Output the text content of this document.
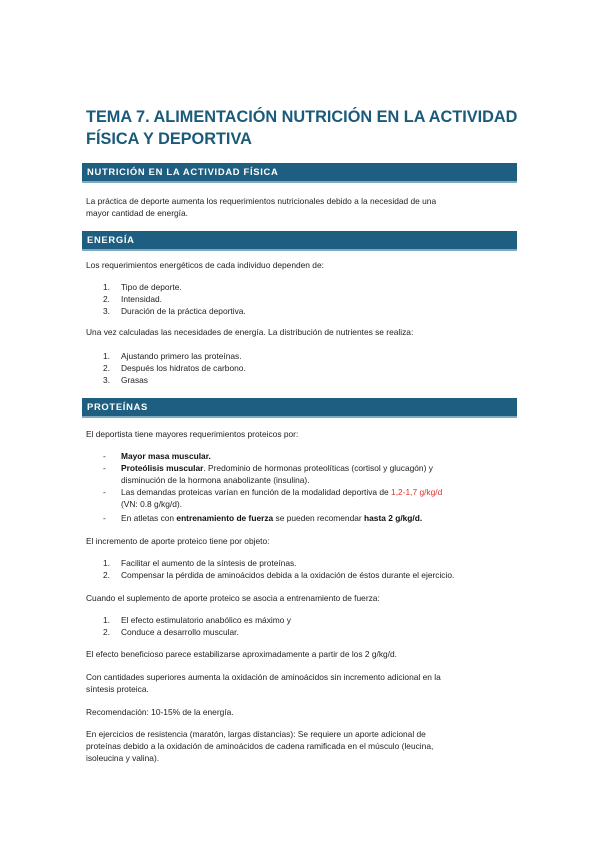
TEMA 7. ALIMENTACIÓN NUTRICIÓN EN LA ACTIVIDAD
FÍSICA Y DEPORTIVA
NUTRICIÓN EN LA ACTIVIDAD FÍSICA
La práctica de deporte aumenta los requerimientos nutricionales debido a la necesidad de una
mayor cantidad de energía.
ENERGÍA
Los requerimientos energéticos de cada individuo dependen de:
1.	Tipo de deporte.
2.	Intensidad.
3.	Duración de la práctica deportiva.
Una vez calculadas las necesidades de energía. La distribución de nutrientes se realiza:
1.	Ajustando primero las proteínas.
2.	Después los hidratos de carbono.
3.	Grasas
PROTEÍNAS
El deportista tiene mayores requerimientos proteicos por:
-	Mayor masa muscular.
-	Proteólisis muscular. Predominio de hormonas proteolíticas (cortisol y glucagón) y
disminución de la hormona anabolizante (insulina).
-	Las demandas proteicas varían en función de la modalidad deportiva de 1,2-1,7 g/kg/d
(VN: 0.8 g/kg/d).
-	En atletas con entrenamiento de fuerza se pueden recomendar hasta 2 g/kg/d.
El incremento de aporte proteico tiene por objeto:
1.	Facilitar el aumento de la síntesis de proteínas.
2.	Compensar la pérdida de aminoácidos debida a la oxidación de éstos durante el ejercicio.
Cuando el suplemento de aporte proteico se asocia a entrenamiento de fuerza:
1.	El efecto estimulatorio anabólico es máximo y
2.	Conduce a desarrollo muscular.
El efecto beneficioso parece estabilizarse aproximadamente a partir de los 2 g/kg/d.
Con cantidades superiores aumenta la oxidación de aminoácidos sin incremento adicional en la
síntesis proteica.
Recomendación: 10-15% de la energía.
En ejercicios de resistencia (maratón, largas distancias): Se requiere un aporte adicional de
proteínas debido a la oxidación de aminoácidos de cadena ramificada en el músculo (leucina,
isoleucina y valina).
